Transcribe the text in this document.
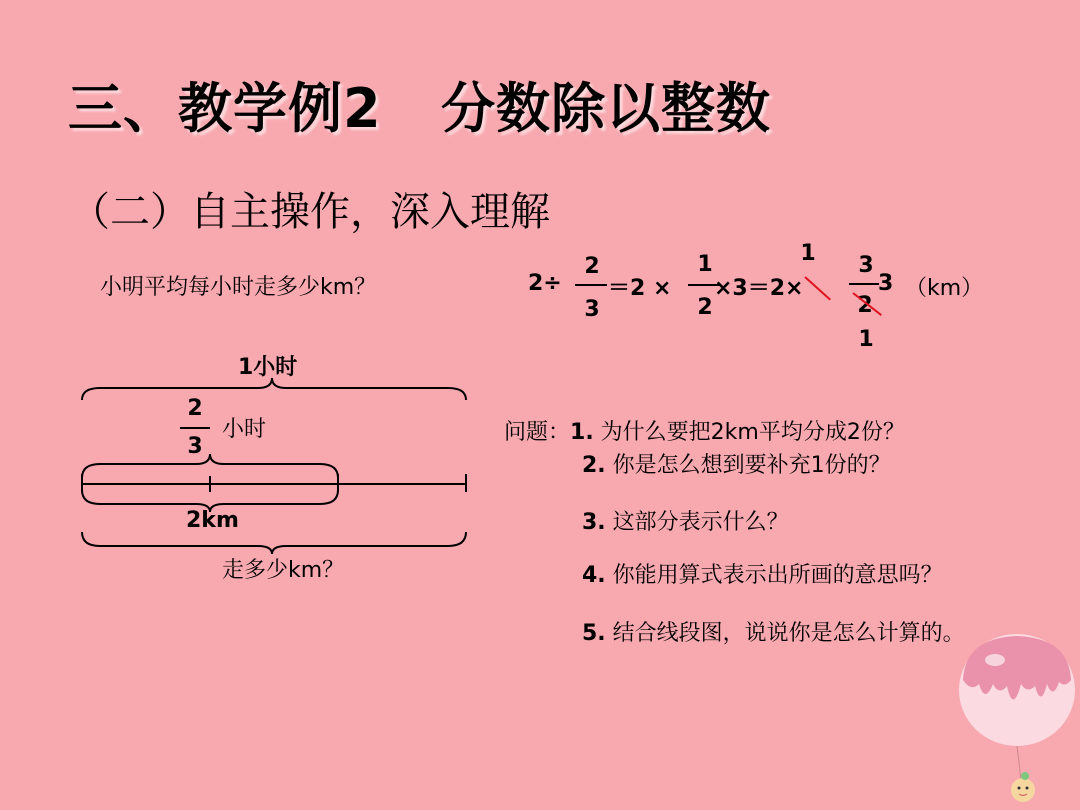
三、教学例2   分数除以整数
（二）自主操作，深入理解
小明平均每小时走多少km？	2÷
2
3
＝2 ×
1
2
×3＝2×
1 3
2
1
3 （km）
1小时
2
3
小时
2km
走多少km？

问题：1. 为什么要把2km平均分成2份？

2. 你是怎么想到要补充1份的？
3. 这部分表示什么？
4. 你能用算式表示出所画的意思吗？
5. 结合线段图，说说你是怎么计算的。
